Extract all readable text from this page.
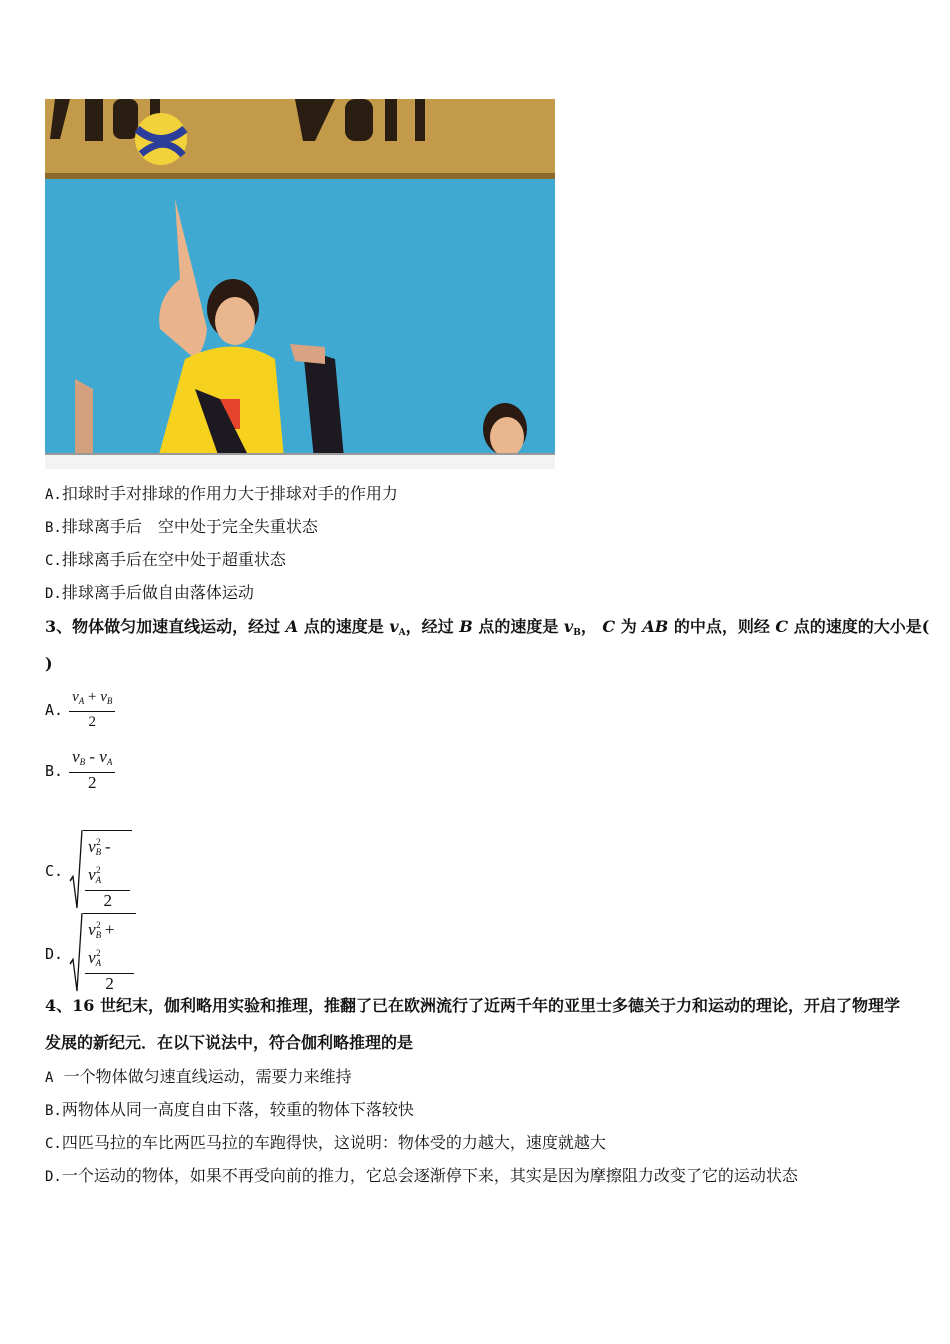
A.扣球时手对排球的作用力大于排球对手的作用力
B.排球离手后　空中处于完全失重状态
C.排球离手后在空中处于超重状态
D.排球离手后做自由落体运动
3、物体做匀加速直线运动，经过 A 点的速度是 $v_A$，经过 B 点的速度是 $v_B$， C 为 AB 的中点，则经 C 点的速度的大小是(
)
A. $\frac{v_A + v_B}{2}$
B. $\frac{v_B - v_A}{2}$
C. $\frac{v_B^2 - v_A^2}{2}$
D. $\frac{v_B^2 + v_A^2}{2}$
4、16 世纪末，伽利略用实验和推理，推翻了已在欧洲流行了近两千年的亚里士多德关于力和运动的理论，开启了物理学
发展的新纪元．在以下说法中，符合伽利略推理的是
A  一个物体做匀速直线运动，需要力来维持
B.两物体从同一高度自由下落，较重的物体下落较快
C.四匹马拉的车比两匹马拉的车跑得快，这说明：物体受的力越大，速度就越大
D.一个运动的物体，如果不再受向前的推力，它总会逐渐停下来，其实是因为摩擦阻力改变了它的运动状态
